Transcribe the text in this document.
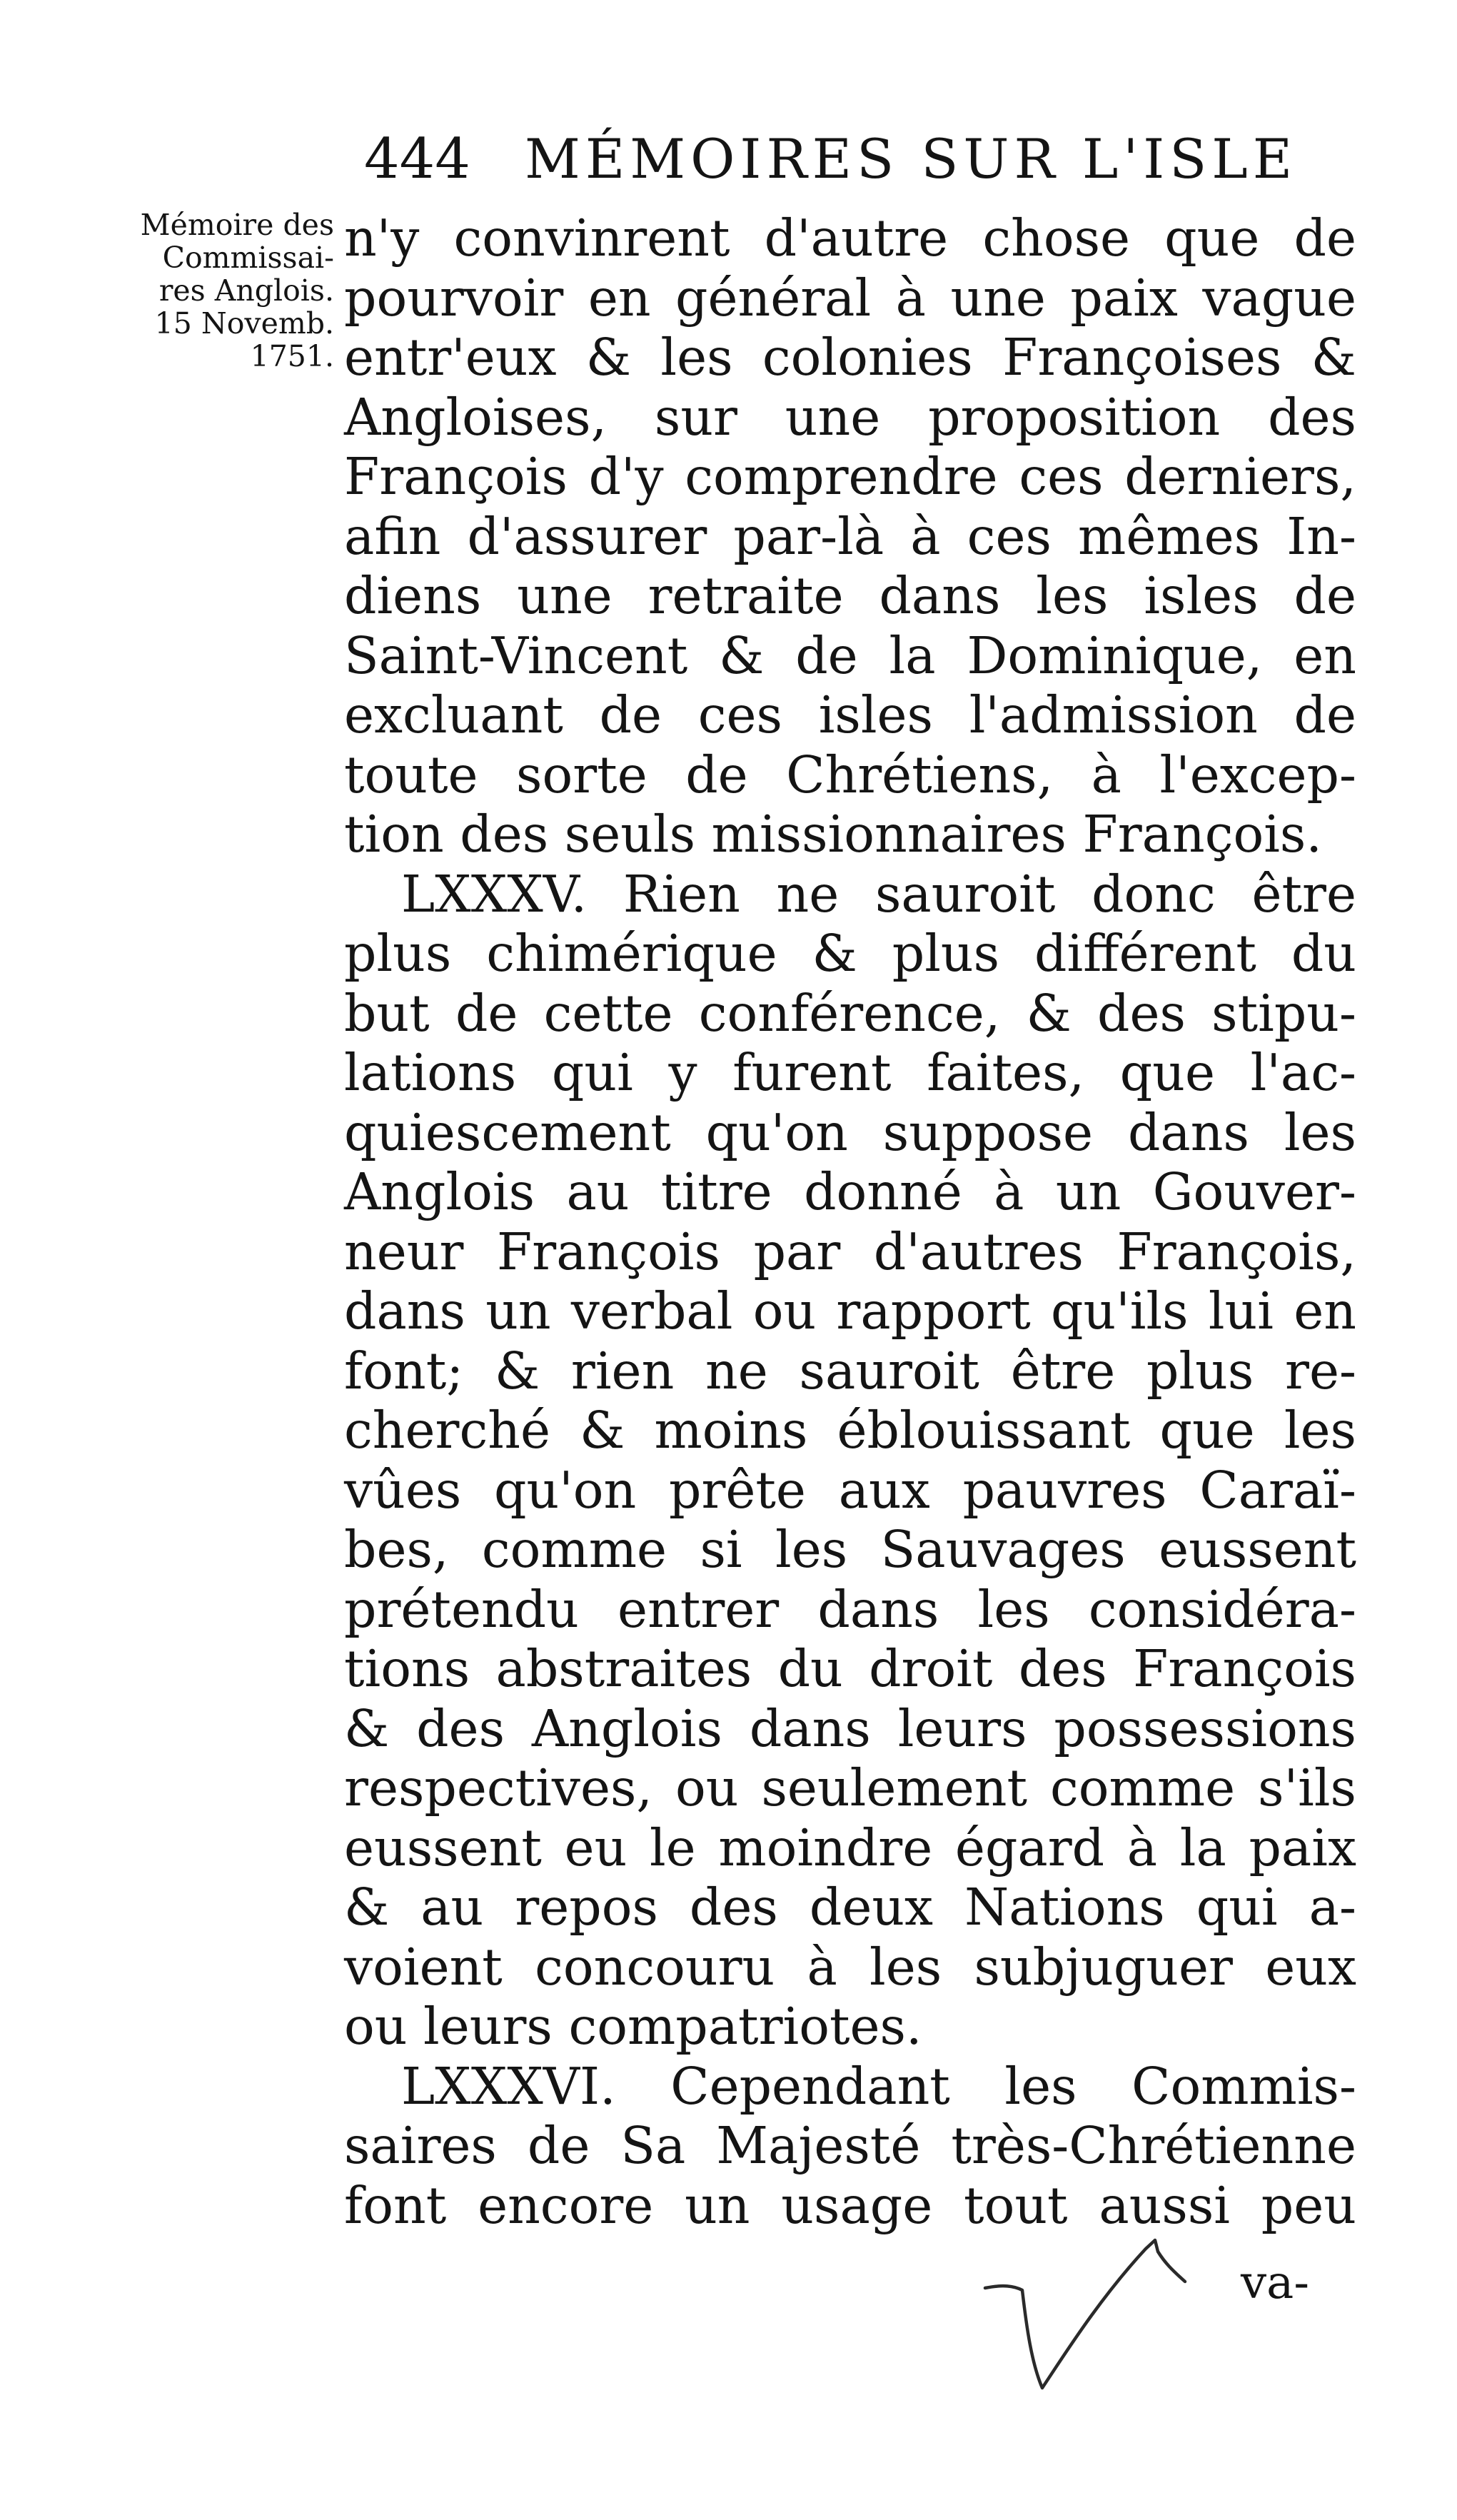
444 MÉMOIRES SUR L'ISLE
Mémoire des
Commissai-
res Anglois.
15 Novemb.
1751.
n'y convinrent d'autre chose que de
pourvoir en général à une paix vague
entr'eux & les colonies Françoises &
Angloises, sur une proposition des
François d'y comprendre ces derniers,
afin d'assurer par-là à ces mêmes In-
diens une retraite dans les isles de
Saint-Vincent & de la Dominique, en
excluant de ces isles l'admission de
toute sorte de Chrétiens, à l'excep-
tion des seuls missionnaires François.
LXXXV. Rien ne sauroit donc être
plus chimérique & plus différent du
but de cette conférence, & des stipu-
lations qui y furent faites, que l'ac-
quiescement qu'on suppose dans les
Anglois au titre donné à un Gouver-
neur François par d'autres François,
dans un verbal ou rapport qu'ils lui en
font; & rien ne sauroit être plus re-
cherché & moins éblouissant que les
vûes qu'on prête aux pauvres Caraï-
bes, comme si les Sauvages eussent
prétendu entrer dans les considéra-
tions abstraites du droit des François
& des Anglois dans leurs possessions
respectives, ou seulement comme s'ils
eussent eu le moindre égard à la paix
& au repos des deux Nations qui a-
voient concouru à les subjuguer eux
ou leurs compatriotes.
LXXXVI. Cependant les Commis-
saires de Sa Majesté très-Chrétienne
font encore un usage tout aussi peu
va-
